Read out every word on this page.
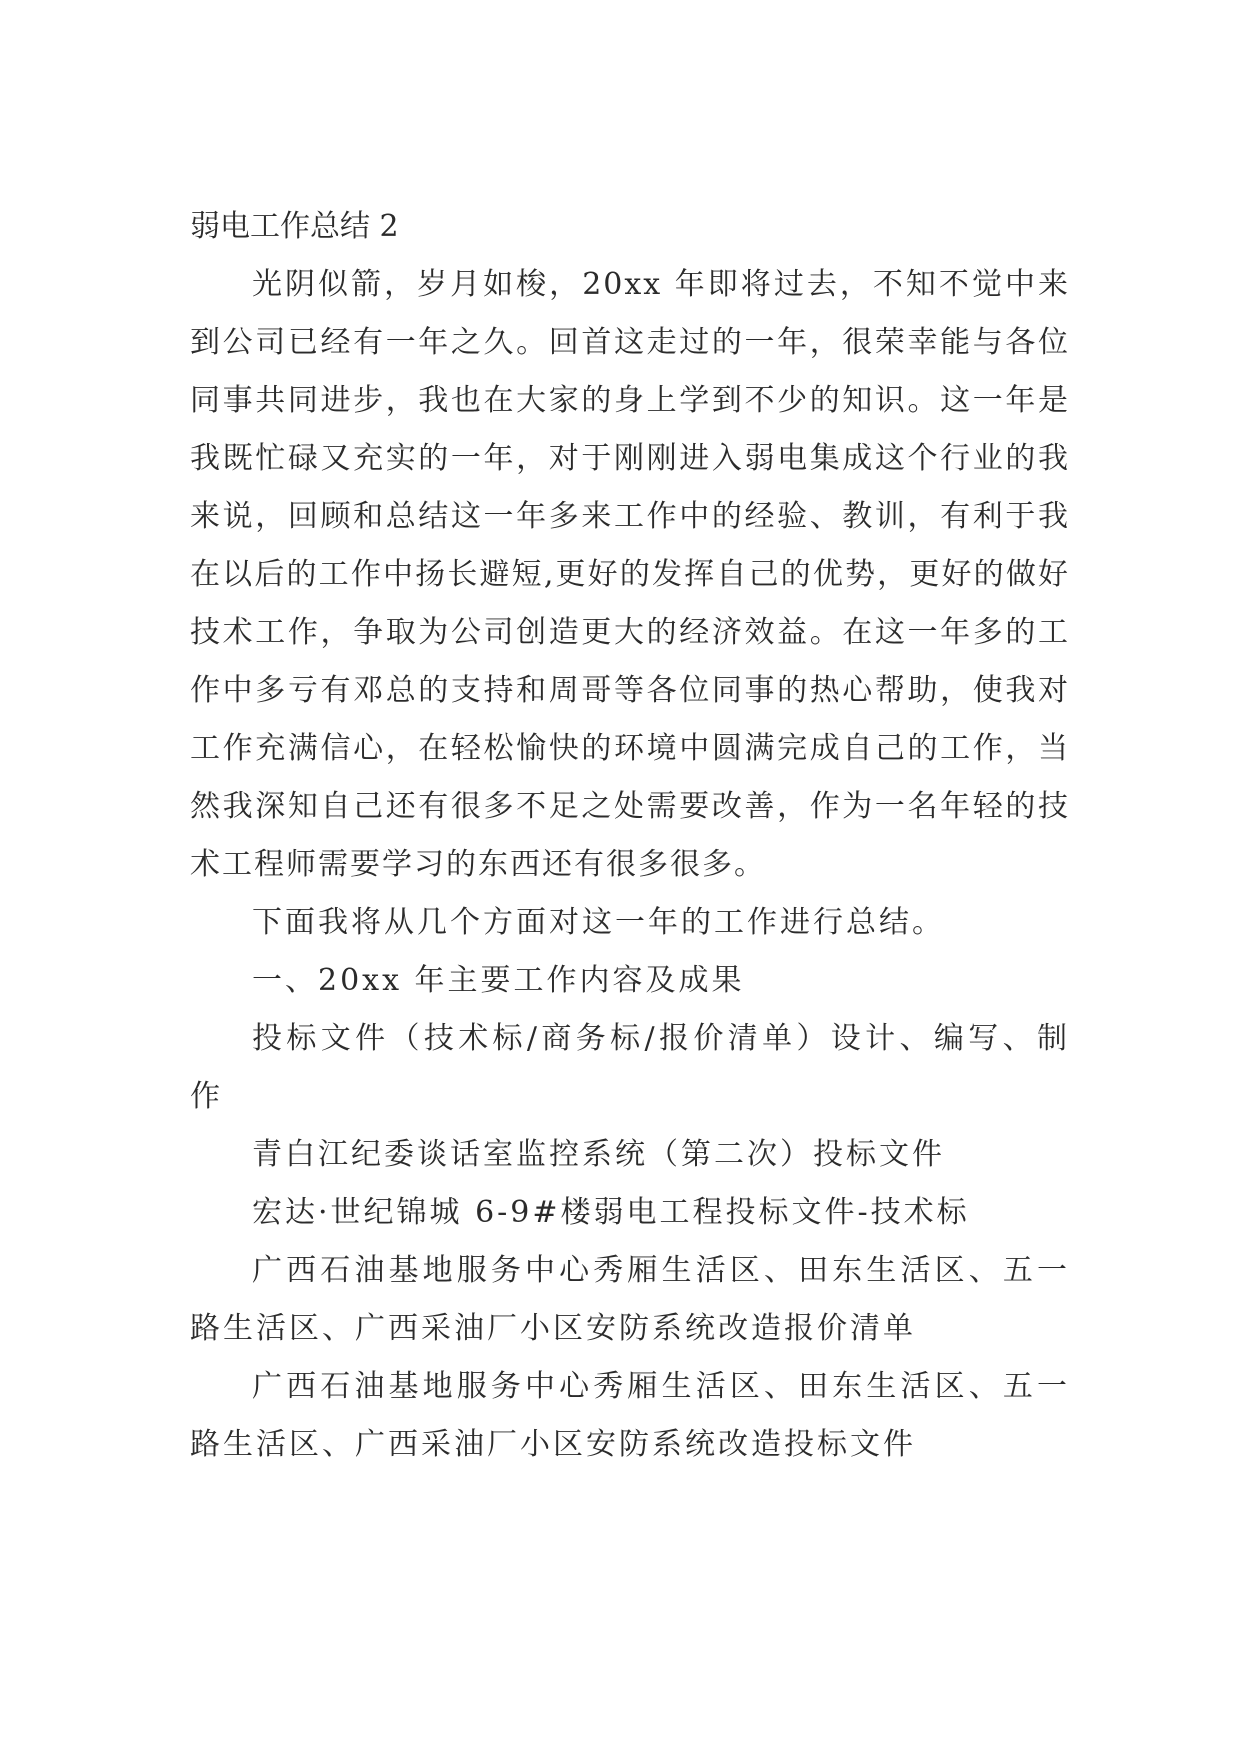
弱电工作总结 2

光阴似箭，岁月如梭，20xx 年即将过去，不知不觉中来到公司已经有一年之久。回首这走过的一年，很荣幸能与各位同事共同进步，我也在大家的身上学到不少的知识。这一年是我既忙碌又充实的一年，对于刚刚进入弱电集成这个行业的我来说，回顾和总结这一年多来工作中的经验、教训，有利于我在以后的工作中扬长避短,更好的发挥自己的优势，更好的做好技术工作，争取为公司创造更大的经济效益。在这一年多的工作中多亏有邓总的支持和周哥等各位同事的热心帮助，使我对工作充满信心，在轻松愉快的环境中圆满完成自己的工作，当然我深知自己还有很多不足之处需要改善，作为一名年轻的技术工程师需要学习的东西还有很多很多。

下面我将从几个方面对这一年的工作进行总结。

一、20xx 年主要工作内容及成果

投标文件（技术标/商务标/报价清单）设计、编写、制作

青白江纪委谈话室监控系统（第二次）投标文件

宏达·世纪锦城 6-9#楼弱电工程投标文件-技术标

广西石油基地服务中心秀厢生活区、田东生活区、五一路生活区、广西采油厂小区安防系统改造报价清单

广西石油基地服务中心秀厢生活区、田东生活区、五一路生活区、广西采油厂小区安防系统改造投标文件
